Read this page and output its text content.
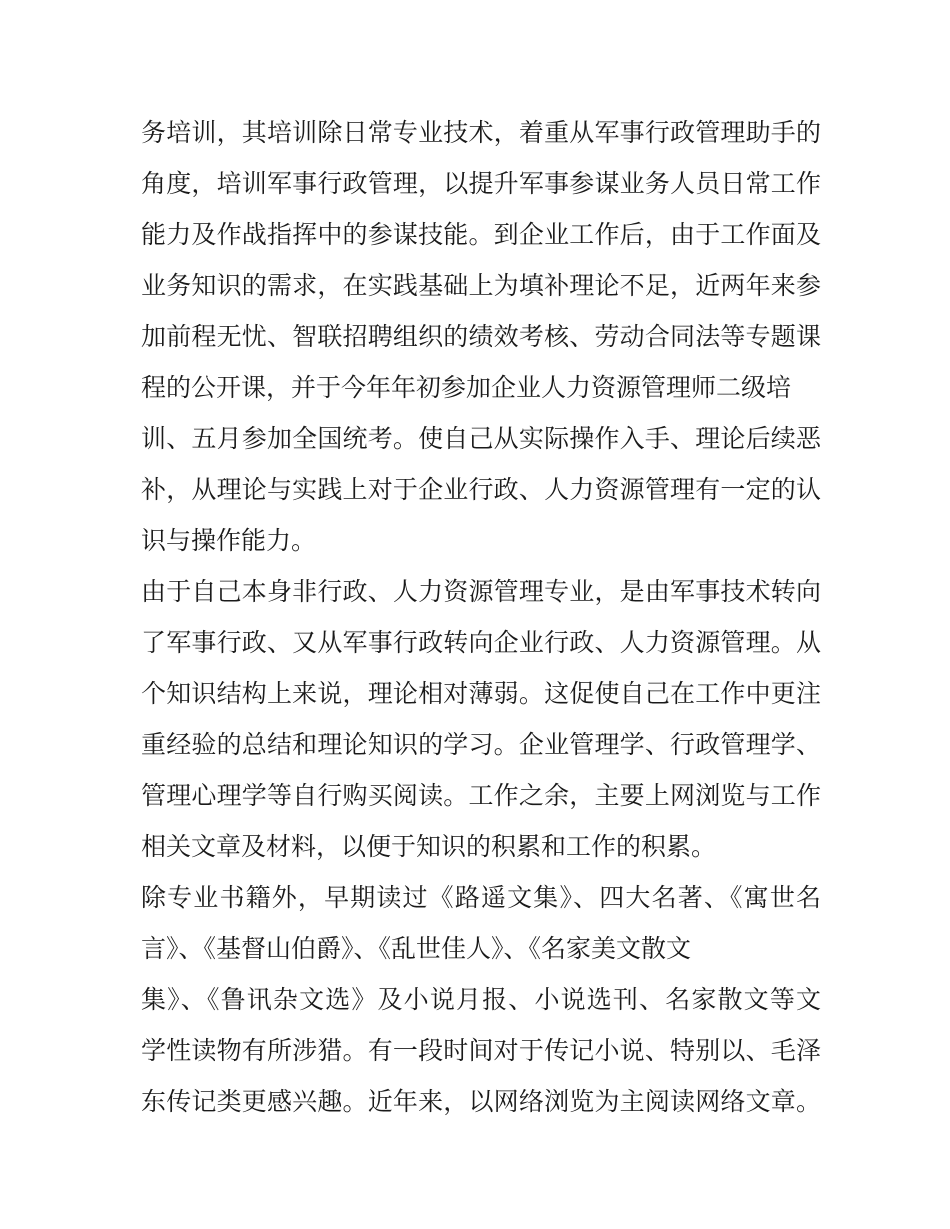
务培训，其培训除日常专业技术，着重从军事行政管理助手的
角度，培训军事行政管理，以提升军事参谋业务人员日常工作
能力及作战指挥中的参谋技能。到企业工作后，由于工作面及
业务知识的需求，在实践基础上为填补理论不足，近两年来参
加前程无忧、智联招聘组织的绩效考核、劳动合同法等专题课
程的公开课，并于今年年初参加企业人力资源管理师二级培
训、五月参加全国统考。使自己从实际操作入手、理论后续恶
补，从理论与实践上对于企业行政、人力资源管理有一定的认
识与操作能力。
由于自己本身非行政、人力资源管理专业，是由军事技术转向
了军事行政、又从军事行政转向企业行政、人力资源管理。从
个知识结构上来说，理论相对薄弱。这促使自己在工作中更注
重经验的总结和理论知识的学习。企业管理学、行政管理学、
管理心理学等自行购买阅读。工作之余，主要上网浏览与工作
相关文章及材料，以便于知识的积累和工作的积累。
除专业书籍外，早期读过《路遥文集》、四大名著、《寓世名
言》、《基督山伯爵》、《乱世佳人》、《名家美文散文
集》、《鲁讯杂文选》及小说月报、小说选刊、名家散文等文
学性读物有所涉猎。有一段时间对于传记小说、特别以、毛泽
东传记类更感兴趣。近年来，以网络浏览为主阅读网络文章。
